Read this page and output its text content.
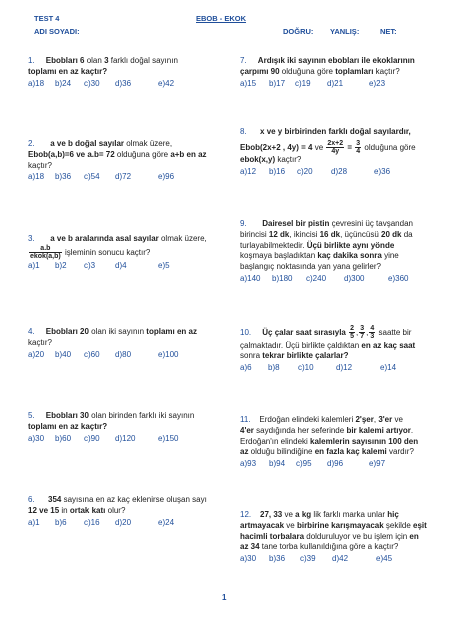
TEST 4	EBOB - EKOK
ADI SOYADI:	DOĞRU: YANLIŞ:	NET:

1. Ebobları 6 olan 3 farklı doğal sayının

toplamı en az kaçtır?

a)18	b)24	c)30	d)36	e)42

2. a ve b doğal sayılar olmak üzere,

Ebob(a,b)=6 ve a.b= 72 olduğuna göre a+b en az

kaçtır?

a)18	b)36	c)54	d)72	e)96

3. a ve b aralarında asal sayılar olmak üzere,

$\frac{a.b}{\text{ekok(a,b)}}$ işleminin sonucu kaçtır?

a)1	b)2	c)3	d)4	e)5

4. Ebobları 20 olan iki sayının toplamı en az

kaçtır?

a)20	b)40	c)60	d)80	e)100

5. Ebobları 30 olan birinden farklı iki sayının

toplamı en az kaçtır?

a)30	b)60	c)90	d)120	e)150

6. 354 sayısına en az kaç eklenirse oluşan sayı

12 ve 15 in ortak katı olur?

a)1	b)6	c)16	d)20	e)24

7. Ardışık iki sayının ebobları ile ekoklarının

çarpımı 90 olduğuna göre toplamları kaçtır?

a)15	b)17	c)19	d)21	e)23

8. x ve y birbirinden farklı doğal sayılardır,

Ebob(2x+2 , 4y) = 4 ve $\frac{2x+2}{4y} = \frac{3}{4}$ olduğuna göre

ebok(x,y) kaçtır?

a)12	b)16	c)20	d)28	e)36

9. Dairesel bir pistin çevresini üç tavşandan

birincisi 12 dk, ikincisi 16 dk, üçüncüsü 20 dk da

turlayabilmektedir. Üçü birlikte aynı yönde

koşmaya başladıktan kaç dakika sonra yine

başlangıç noktasında yan yana gelirler?

a)140	b)180	c)240	d)300	e)360

10. Üç çalar saat sırasıyla $\frac{2}{5}$ , $\frac{3}{7}$ , $\frac{4}{3}$ saatte bir

çalmaktadır. Üçü birlikte çaldıktan en az kaç saat

sonra tekrar birlikte çalarlar?

a)6	b)8	c)10	d)12	e)14

11. Erdoğan elindeki kalemleri 2'şer, 3'er ve

4'er saydığında her seferinde bir kalemi artıyor.

Erdoğan'ın elindeki kalemlerin sayısının 100 den

az olduğu bilindiğine en fazla kaç kalemi vardır?

a)93	b)94	c)95	d)96	e)97

12. 27, 33 ve a kg lik farklı marka unlar hiç

artmayacak ve birbirine karışmayacak şekilde eşit

hacimli torbalara dolduruluyor ve bu işlem için en

az 34 tane torba kullanıldığına göre a kaçtır?

a)30	b)36	c)39	d)42	e)45
1
